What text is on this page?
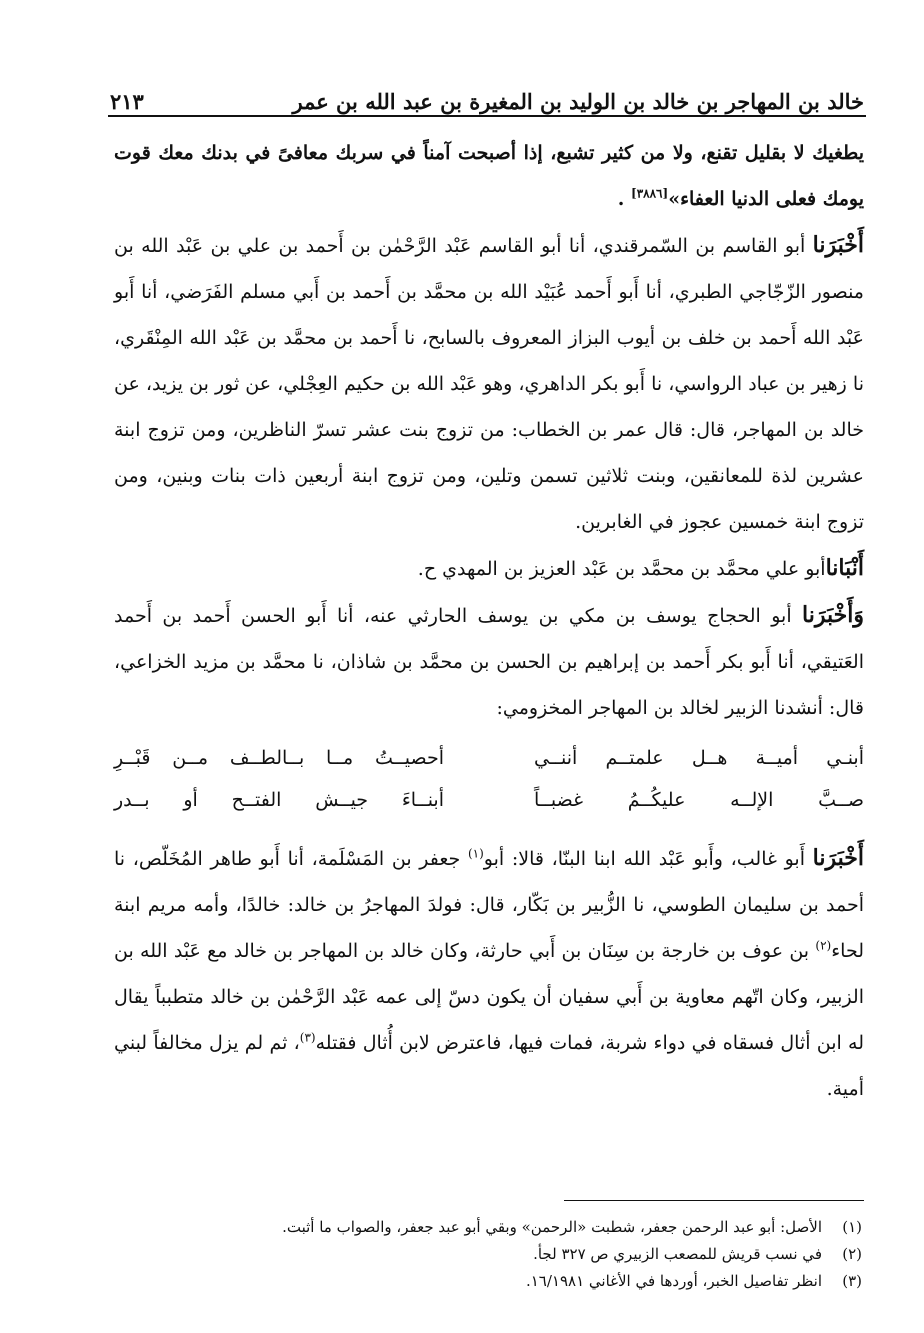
خالد بن المهاجر بن خالد بن الوليد بن المغيرة بن عبد الله بن عمر
٢١٣

يطغيك لا بقليل تقنع، ولا من كثير تشبع، إذا أصبحت آمناً في سربك معافىً في بدنك معك قوت يومك فعلى الدنيا العفاء»[٣٨٨٦] .

أَخْبَرَنا أبو القاسم بن السّمرقندي، أنا أبو القاسم عَبْد الرَّحْمٰن بن أَحمد بن علي بن عَبْد الله بن منصور الزّجّاجي الطبري، أنا أَبو أَحمد عُبَيْد الله بن محمَّد بن أَحمد بن أَبي مسلم الفَرَضي، أنا أَبو عَبْد الله أَحمد بن خلف بن أيوب البزاز المعروف بالسابح، نا أَحمد بن محمَّد بن عَبْد الله المِنْقَري، نا زهير بن عباد الرواسي، نا أَبو بكر الداهري، وهو عَبْد الله بن حكيم العِجْلي، عن ثور بن يزيد، عن خالد بن المهاجر، قال: قال عمر بن الخطاب: من تزوج بنت عشر تسرّ الناظرين، ومن تزوج ابنة عشرين لذة للمعانقين، وبنت ثلاثين تسمن وتلين، ومن تزوج ابنة أربعين ذات بنات وبنين، ومن تزوج ابنة خمسين عجوز في الغابرين.

أَنْبَاناأبو علي محمَّد بن محمَّد بن عَبْد العزيز بن المهدي ح.

وَأَخْبَرَنا أبو الحجاج يوسف بن مكي بن يوسف الحارثي عنه، أنا أَبو الحسن أَحمد بن أَحمد العَتيقي، أنا أَبو بكر أَحمد بن إبراهيم بن الحسن بن محمَّد بن شاذان، نا محمَّد بن مزيد الخزاعي، قال: أنشدنا الزبير لخالد بن المهاجر المخزومي:

أبنـي أميــة هــل علمتــم أننــي
أحصيــتُ مــا بــالطــف مــن قَبْــرِ
صــبَّ الإلــه عليكُــمُ غضبــاً
أبنــاءَ جيــش الفتــح أو بــدر

أَخْبَرَنا أَبو غالب، وأَبو عَبْد الله ابنا البنّا، قالا: أبو$^{(١)}$ جعفر بن المَسْلَمة، أنا أَبو طاهر المُخَلّص، نا أحمد بن سليمان الطوسي، نا الزُّبير بن بَكّار، قال: فولدَ المهاجرُ بن خالد: خالدًا، وأمه مريم ابنة لحاء$^{(٢)}$ بن عوف بن خارجة بن سِنَان بن أَبي حارثة، وكان خالد بن المهاجر بن خالد مع عَبْد الله بن الزبير، وكان اتّهم معاوية بن أَبي سفيان أن يكون دسّ إلى عمه عَبْد الرَّحْمٰن بن خالد متطبباً يقال له ابن أثال فسقاه في دواء شربة، فمات فيها، فاعترض لابن أُثال فقتله$^{(٣)}$، ثم لم يزل مخالفاً لبني أمية.

(١)
الأصل: أبو عبد الرحمن جعفر، شطبت «الرحمن» وبقي أبو عبد جعفر، والصواب ما أثبت.
(٢)
في نسب قريش للمصعب الزبيري ص ٣٢٧ لجأ.
(٣)
انظر تفاصيل الخبر، أوردها في الأغاني ١٦/١٩٨١.
